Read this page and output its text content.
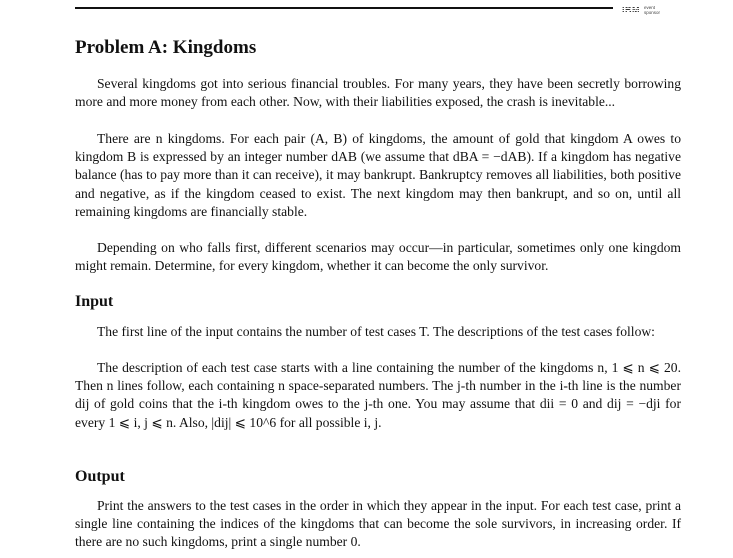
IBM event
sponsor
Problem A: Kingdoms

Several kingdoms got into serious financial troubles. For many years, they have been secretly borrowing more and more money from each other. Now, with their liabilities exposed, the crash is inevitable...

There are n kingdoms. For each pair (A, B) of kingdoms, the amount of gold that kingdom A owes to kingdom B is expressed by an integer number dAB (we assume that dBA = −dAB). If a kingdom has negative balance (has to pay more than it can receive), it may bankrupt. Bankruptcy removes all liabilities, both positive and negative, as if the kingdom ceased to exist. The next kingdom may then bankrupt, and so on, until all remaining kingdoms are financially stable.

Depending on who falls first, different scenarios may occur—in particular, sometimes only one kingdom might remain. Determine, for every kingdom, whether it can become the only survivor.

Input

The first line of the input contains the number of test cases T. The descriptions of the test cases follow:

The description of each test case starts with a line containing the number of the kingdoms n, 1 ⩽ n ⩽ 20. Then n lines follow, each containing n space-separated numbers. The j-th number in the i-th line is the number dij of gold coins that the i-th kingdom owes to the j-th one. You may assume that dii = 0 and dij = −dji for every 1 ⩽ i, j ⩽ n. Also, |dij| ⩽ 10^6 for all possible i, j.

Output

Print the answers to the test cases in the order in which they appear in the input. For each test case, print a single line containing the indices of the kingdoms that can become the sole survivors, in increasing order. If there are no such kingdoms, print a single number 0.
